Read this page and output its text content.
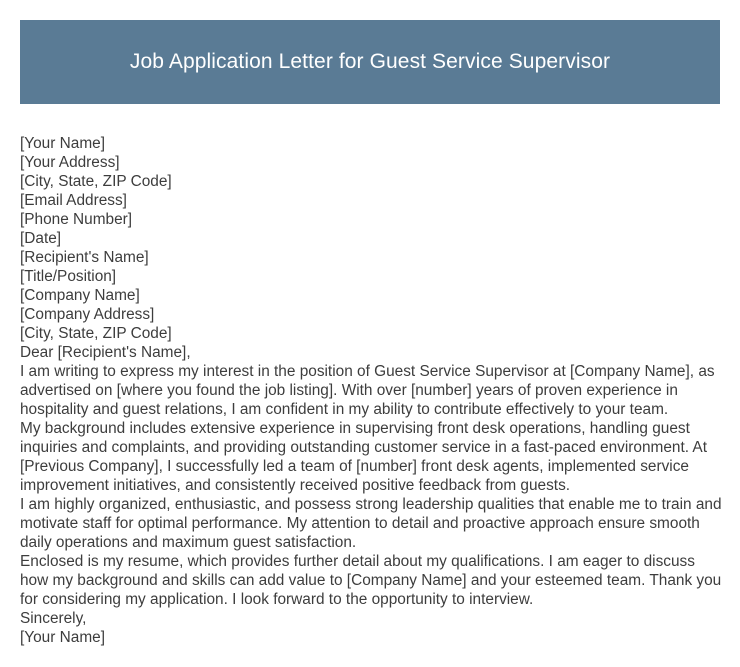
Job Application Letter for Guest Service Supervisor
[Your Name]
[Your Address]
[City, State, ZIP Code]
[Email Address]
[Phone Number]
[Date]
[Recipient's Name]
[Title/Position]
[Company Name]
[Company Address]
[City, State, ZIP Code]
Dear [Recipient's Name],

I am writing to express my interest in the position of Guest Service Supervisor at [Company Name], as advertised on [where you found the job listing]. With over [number] years of proven experience in hospitality and guest relations, I am confident in my ability to contribute effectively to your team.

My background includes extensive experience in supervising front desk operations, handling guest inquiries and complaints, and providing outstanding customer service in a fast-paced environment. At [Previous Company], I successfully led a team of [number] front desk agents, implemented service improvement initiatives, and consistently received positive feedback from guests.

I am highly organized, enthusiastic, and possess strong leadership qualities that enable me to train and motivate staff for optimal performance. My attention to detail and proactive approach ensure smooth daily operations and maximum guest satisfaction.

Enclosed is my resume, which provides further detail about my qualifications. I am eager to discuss how my background and skills can add value to [Company Name] and your esteemed team. Thank you for considering my application. I look forward to the opportunity to interview.

Sincerely,
[Your Name]
